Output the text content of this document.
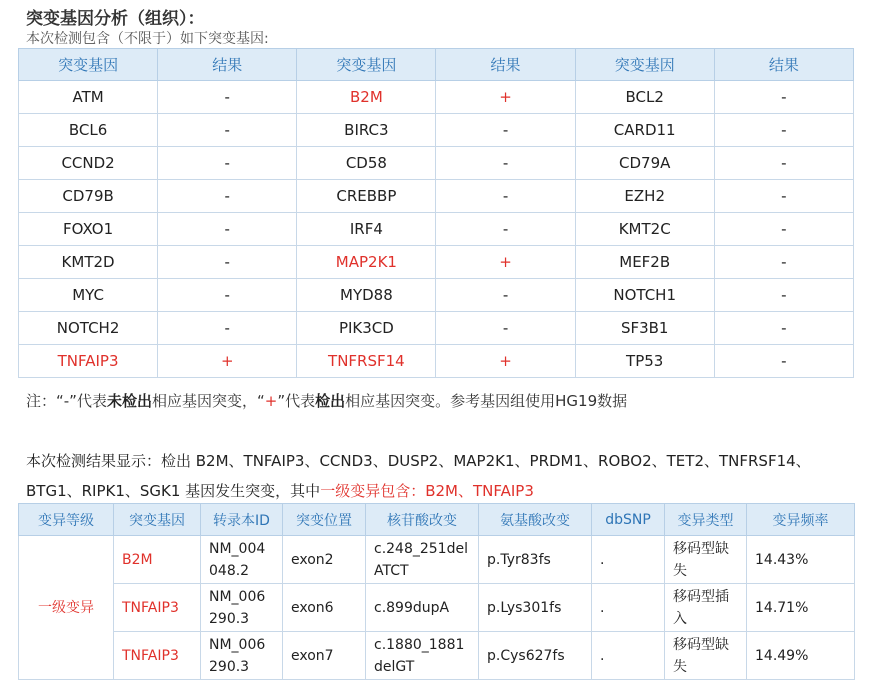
突变基因分析（组织）：
本次检测包含（不限于）如下突变基因:
突变基因	结果	突变基因	结果	突变基因	结果
ATM	-	B2M	+	BCL2	-
BCL6	-	BIRC3	-	CARD11	-
CCND2	-	CD58	-	CD79A	-
CD79B	-	CREBBP	-	EZH2	-
FOXO1	-	IRF4	-	KMT2C	-
KMT2D	-	MAP2K1	+	MEF2B	-
MYC	-	MYD88	-	NOTCH1	-
NOTCH2	-	PIK3CD	-	SF3B1	-
TNFAIP3	+	TNFRSF14	+	TP53	-
注：“-”代表未检出相应基因突变，“+”代表检出相应基因突变。参考基因组使用HG19数据
本次检测结果显示：检出 B2M、TNFAIP3、CCND3、DUSP2、MAP2K1、PRDM1、ROBO2、TET2、TNFRSF14、BTG1、RIPK1、SGK1 基因发生突变，其中一级变异包含：B2M、TNFAIP3
变异等级	突变基因	转录本ID	突变位置	核苷酸改变	氨基酸改变	dbSNP	变异类型	变异频率
一级变异	B2M	NM_004048.2	exon2	c.248_251delATCT	p.Tyr83fs	.	移码型缺失	14.43%
	TNFAIP3	NM_006290.3	exon6	c.899dupA	p.Lys301fs	.	移码型插入	14.71%
	TNFAIP3	NM_006290.3	exon7	c.1880_1881delGT	p.Cys627fs	.	移码型缺失	14.49%
